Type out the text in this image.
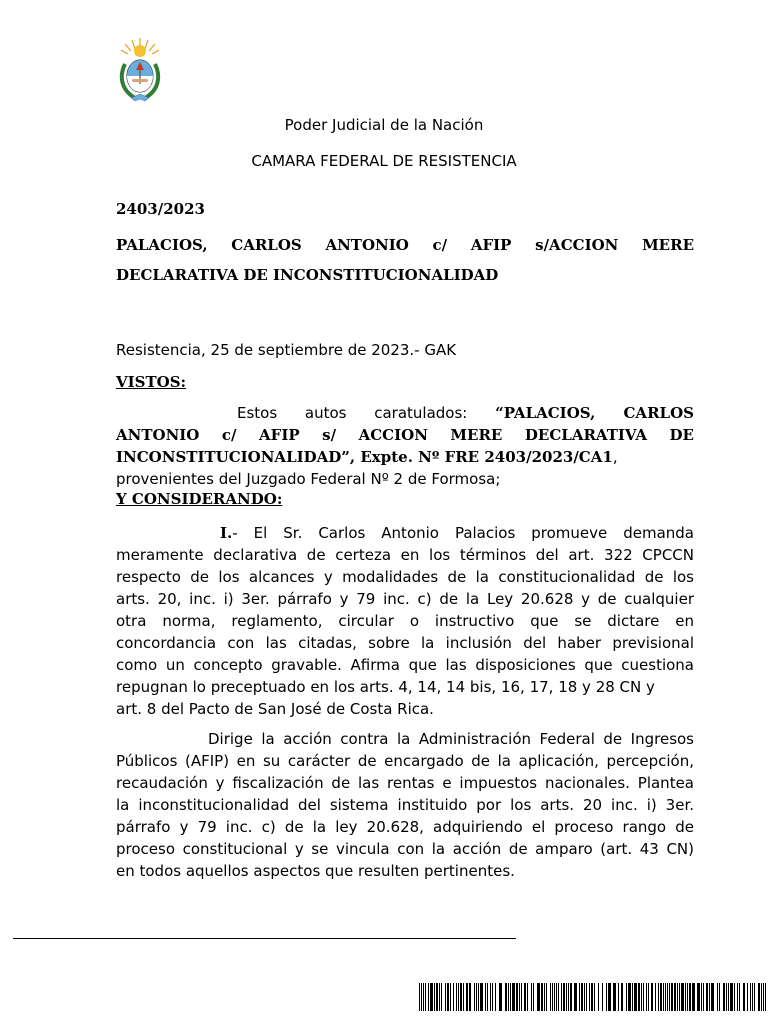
Poder Judicial de la Nación
CAMARA FEDERAL DE RESISTENCIA
2403/2023
PALACIOS, CARLOS ANTONIO c/ AFIP s/ACCION MERE
DECLARATIVA DE INCONSTITUCIONALIDAD
Resistencia, 25 de septiembre de 2023.- GAK
VISTOS:
Estos autos caratulados: “PALACIOS, CARLOS
ANTONIO c/ AFIP s/ ACCION MERE DECLARATIVA DE
INCONSTITUCIONALIDAD”, Expte. Nº FRE 2403/2023/CA1,
provenientes del Juzgado Federal Nº 2 de Formosa;
Y CONSIDERANDO:
I.- El Sr. Carlos Antonio Palacios promueve demanda
meramente declarativa de certeza en los términos del art. 322 CPCCN
respecto de los alcances y modalidades de la constitucionalidad de los
arts. 20, inc. i) 3er. párrafo y 79 inc. c) de la Ley 20.628 y de cualquier
otra norma, reglamento, circular o instructivo que se dictare en
concordancia con las citadas, sobre la inclusión del haber previsional
como un concepto gravable. Afirma que las disposiciones que cuestiona
repugnan lo preceptuado en los arts. 4, 14, 14 bis, 16, 17, 18 y 28 CN y
art. 8 del Pacto de San José de Costa Rica.
Dirige la acción contra la Administración Federal de Ingresos
Públicos (AFIP) en su carácter de encargado de la aplicación, percepción,
recaudación y fiscalización de las rentas e impuestos nacionales. Plantea
la inconstitucionalidad del sistema instituido por los arts. 20 inc. i) 3er.
párrafo y 79 inc. c) de la ley 20.628, adquiriendo el proceso rango de
proceso constitucional y se vincula con la acción de amparo (art. 43 CN)
en todos aquellos aspectos que resulten pertinentes.
